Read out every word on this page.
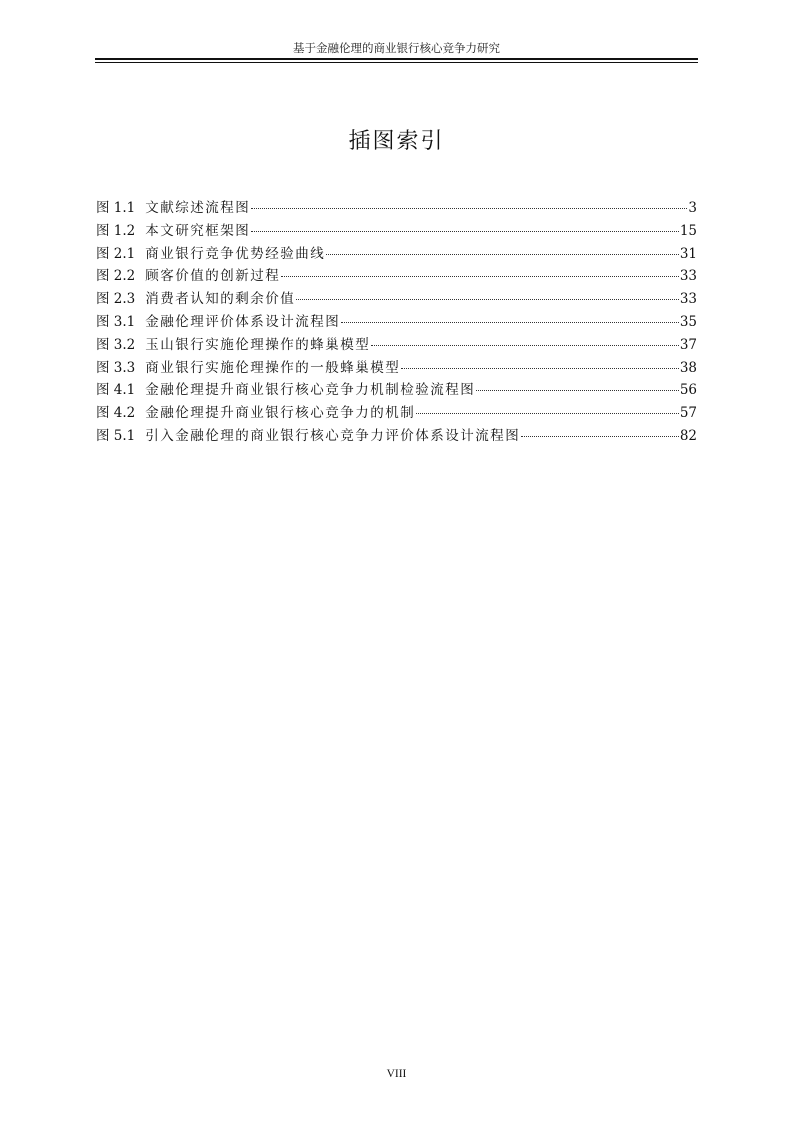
基于金融伦理的商业银行核心竞争力研究
插图索引
图 1.1 文献综述流程图	3
图 1.2 本文研究框架图	15
图 2.1 商业银行竞争优势经验曲线	31
图 2.2 顾客价值的创新过程	33
图 2.3 消费者认知的剩余价值	33
图 3.1 金融伦理评价体系设计流程图	35
图 3.2 玉山银行实施伦理操作的蜂巢模型	37
图 3.3 商业银行实施伦理操作的一般蜂巢模型	38
图 4.1 金融伦理提升商业银行核心竞争力机制检验流程图	56
图 4.2 金融伦理提升商业银行核心竞争力的机制	57
图 5.1 引入金融伦理的商业银行核心竞争力评价体系设计流程图	82
VIII
